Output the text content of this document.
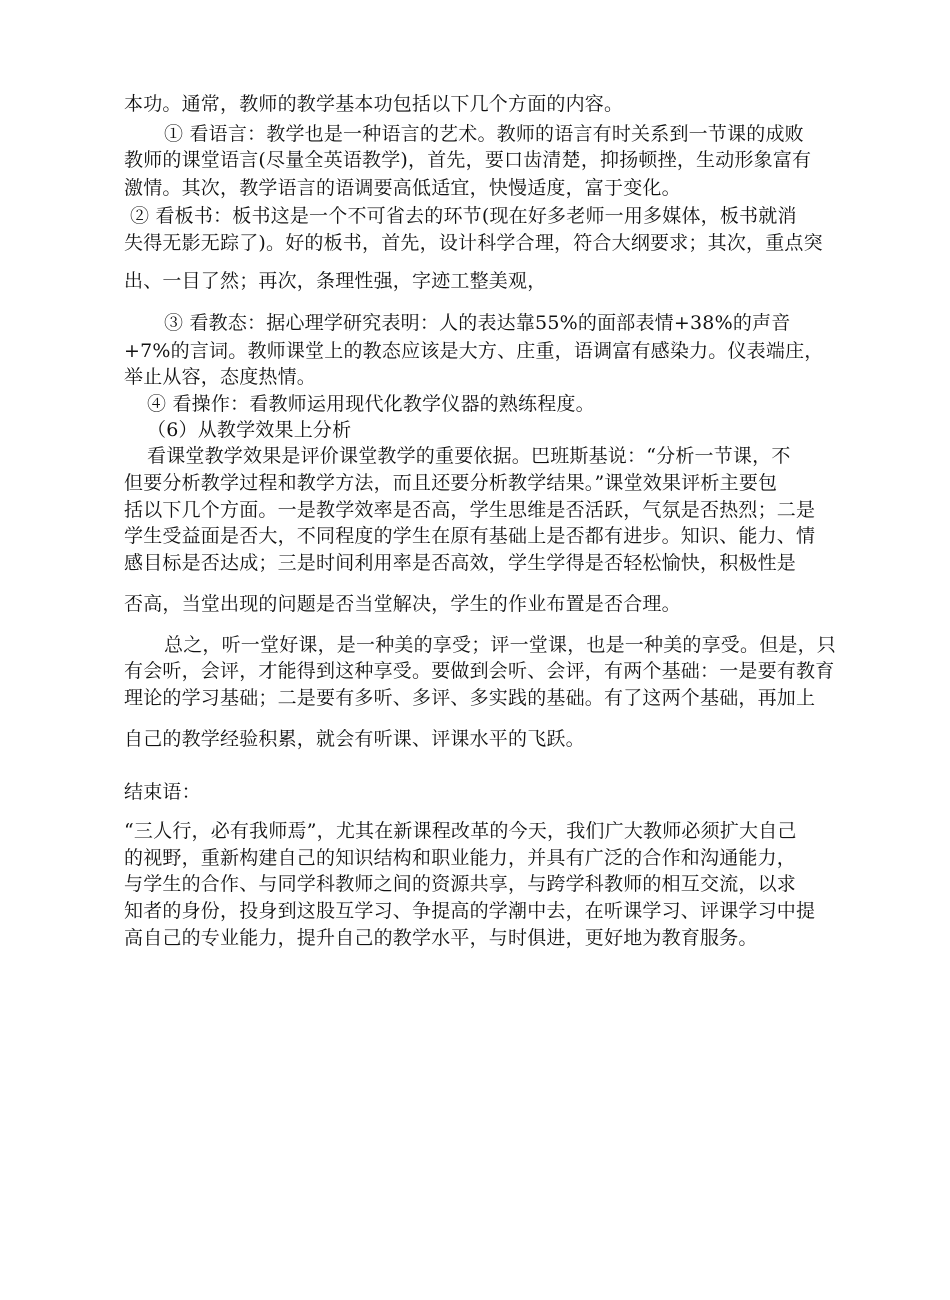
本功。通常，教师的教学基本功包括以下几个方面的内容。
① 看语言：教学也是一种语言的艺术。教师的语言有时关系到一节课的成败
教师的课堂语言(尽量全英语教学)，首先，要口齿清楚，抑扬顿挫，生动形象富有
激情。其次，教学语言的语调要高低适宜，快慢适度，富于变化。
② 看板书：板书这是一个不可省去的环节(现在好多老师一用多媒体，板书就消
失得无影无踪了)。好的板书，首先，设计科学合理，符合大纲要求；其次，重点突
出、一目了然；再次，条理性强，字迹工整美观，
③ 看教态：据心理学研究表明：人的表达靠55%的面部表情+38%的声音
+7%的言词。教师课堂上的教态应该是大方、庄重，语调富有感染力。仪表端庄，
举止从容，态度热情。
④ 看操作：看教师运用现代化教学仪器的熟练程度。
（6）从教学效果上分析
看课堂教学效果是评价课堂教学的重要依据。巴班斯基说：“分析一节课，不
但要分析教学过程和教学方法，而且还要分析教学结果。”课堂效果评析主要包
括以下几个方面。一是教学效率是否高，学生思维是否活跃，气氛是否热烈；二是
学生受益面是否大，不同程度的学生在原有基础上是否都有进步。知识、能力、情
感目标是否达成；三是时间利用率是否高效，学生学得是否轻松愉快，积极性是
否高，当堂出现的问题是否当堂解决，学生的作业布置是否合理。
总之，听一堂好课，是一种美的享受；评一堂课，也是一种美的享受。但是，只
有会听，会评，才能得到这种享受。要做到会听、会评，有两个基础：一是要有教育
理论的学习基础；二是要有多听、多评、多实践的基础。有了这两个基础，再加上
自己的教学经验积累，就会有听课、评课水平的飞跃。
结束语：
“三人行，必有我师焉”，尤其在新课程改革的今天，我们广大教师必须扩大自己
的视野，重新构建自己的知识结构和职业能力，并具有广泛的合作和沟通能力，
与学生的合作、与同学科教师之间的资源共享，与跨学科教师的相互交流，以求
知者的身份，投身到这股互学习、争提高的学潮中去，在听课学习、评课学习中提
高自己的专业能力，提升自己的教学水平，与时俱进，更好地为教育服务。
